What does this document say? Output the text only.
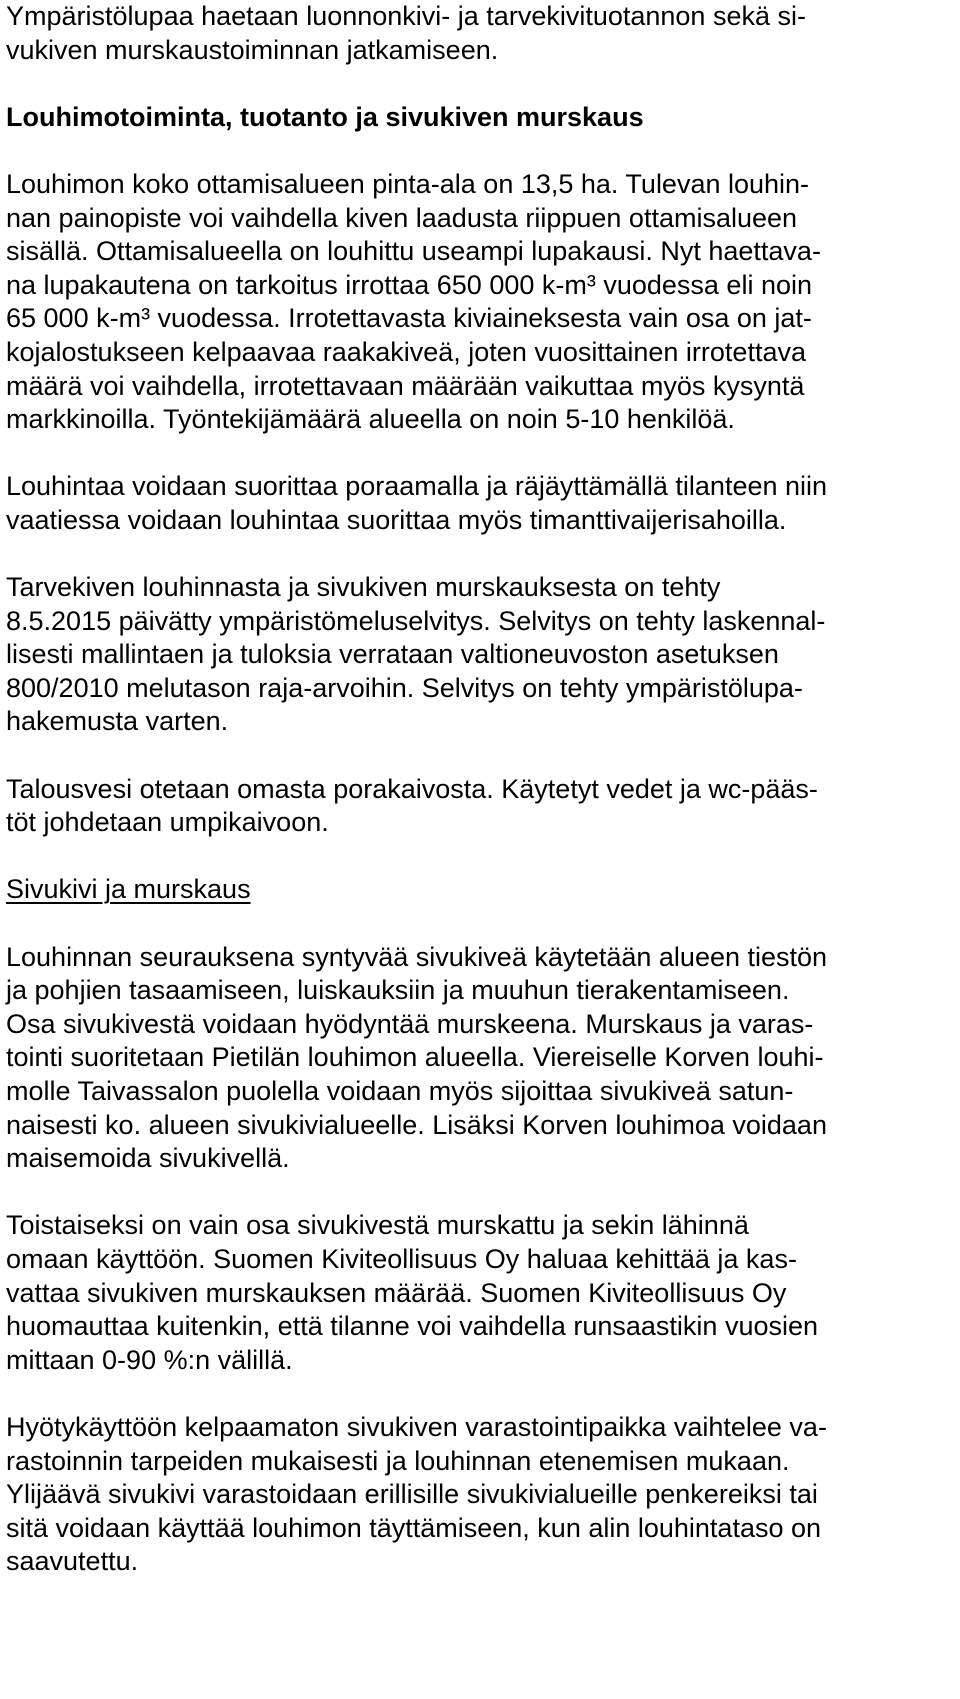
Ympäristölupaa haetaan luonnonkivi- ja tarvekivituotannon sekä si-
vukiven murskaustoiminnan jatkamiseen.
Louhimotoiminta, tuotanto ja sivukiven murskaus
Louhimon koko ottamisalueen pinta-ala on 13,5 ha. Tulevan louhin-
nan painopiste voi vaihdella kiven laadusta riippuen ottamisalueen
sisällä. Ottamisalueella on louhittu useampi lupakausi. Nyt haettava-
na lupakautena on tarkoitus irrottaa 650 000 k-m³ vuodessa eli noin
65 000 k-m³ vuodessa. Irrotettavasta kiviaineksesta vain osa on jat-
kojalostukseen kelpaavaa raakakiveä, joten vuosittainen irrotettava
määrä voi vaihdella, irrotettavaan määrään vaikuttaa myös kysyntä
markkinoilla. Työntekijämäärä alueella on noin 5-10 henkilöä.
Louhintaa voidaan suorittaa poraamalla ja räjäyttämällä tilanteen niin
vaatiessa voidaan louhintaa suorittaa myös timanttivaijerisahoilla.
Tarvekiven louhinnasta ja sivukiven murskauksesta on tehty
8.5.2015 päivätty ympäristömeluselvitys. Selvitys on tehty laskennal-
lisesti mallintaen ja tuloksia verrataan valtioneuvoston asetuksen
800/2010 melutason raja-arvoihin. Selvitys on tehty ympäristölupa-
hakemusta varten.
Talousvesi otetaan omasta porakaivosta. Käytetyt vedet ja wc-pääs-
töt johdetaan umpikaivoon.
Sivukivi ja murskaus
Louhinnan seurauksena syntyvää sivukiveä käytetään alueen tiestön
ja pohjien tasaamiseen, luiskauksiin ja muuhun tierakentamiseen.
Osa sivukivestä voidaan hyödyntää murskeena. Murskaus ja varas-
tointi suoritetaan Pietilän louhimon alueella. Viereiselle Korven louhi-
molle Taivassalon puolella voidaan myös sijoittaa sivukiveä satun-
naisesti ko. alueen sivukivialueelle. Lisäksi Korven louhimoa voidaan
maisemoida sivukivellä.
Toistaiseksi on vain osa sivukivestä murskattu ja sekin lähinnä
omaan käyttöön. Suomen Kiviteollisuus Oy haluaa kehittää ja kas-
vattaa sivukiven murskauksen määrää. Suomen Kiviteollisuus Oy
huomauttaa kuitenkin, että tilanne voi vaihdella runsaastikin vuosien
mittaan 0-90 %:n välillä.
Hyötykäyttöön kelpaamaton sivukiven varastointipaikka vaihtelee va-
rastoinnin tarpeiden mukaisesti ja louhinnan etenemisen mukaan.
Ylijäävä sivukivi varastoidaan erillisille sivukivialueille penkereiksi tai
sitä voidaan käyttää louhimon täyttämiseen, kun alin louhintataso on
saavutettu.
